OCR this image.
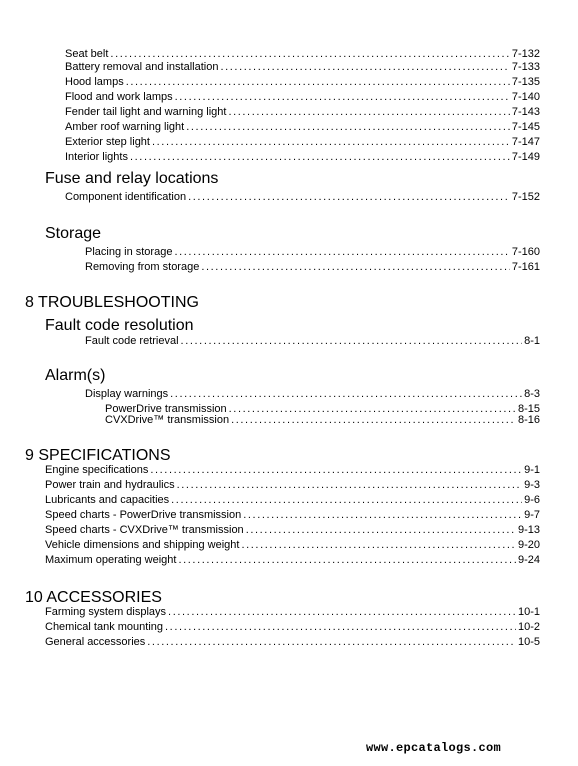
Seat belt .....	7-132
Battery removal and installation .....	7-133
Hood lamps .....	7-135
Flood and work lamps .....	7-140
Fender tail light and warning light .....	7-143
Amber roof warning light .....	7-145
Exterior step light .....	7-147
Interior lights .....	7-149
Fuse and relay locations
Component identification .....	7-152
Storage
Placing in storage .....	7-160
Removing from storage .....	7-161
8 TROUBLESHOOTING
Fault code resolution
Fault code retrieval .....	8-1
Alarm(s)
Display warnings .....	8-3
PowerDrive transmission .....	8-15
CVXDrive™ transmission .....	8-16
9 SPECIFICATIONS
Engine specifications .....	9-1
Power train and hydraulics .....	9-3
Lubricants and capacities .....	9-6
Speed charts - PowerDrive transmission .....	9-7
Speed charts - CVXDrive™ transmission .....	9-13
Vehicle dimensions and shipping weight .....	9-20
Maximum operating weight .....	9-24
10 ACCESSORIES
Farming system displays .....	10-1
Chemical tank mounting .....	10-2
General accessories .....	10-5
www.epcatalogs.com
